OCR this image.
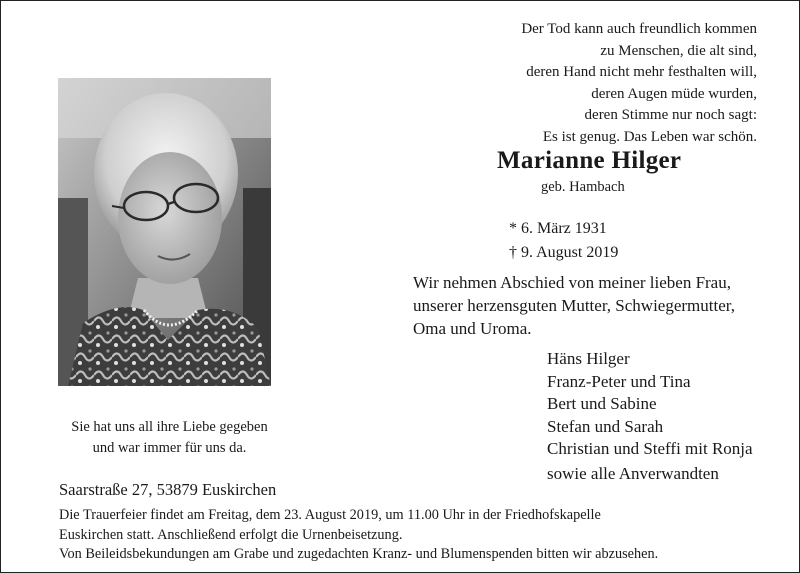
Der Tod kann auch freundlich kommen
zu Menschen, die alt sind,
deren Hand nicht mehr festhalten will,
deren Augen müde wurden,
deren Stimme nur noch sagt:
Es ist genug. Das Leben war schön.
Marianne Hilger
geb. Hambach
* 6. März 1931
† 9. August 2019
Wir nehmen Abschied von meiner lieben Frau,
unserer herzensguten Mutter, Schwiegermutter,
Oma und Uroma.
Häns Hilger
Franz-Peter und Tina
Bert und Sabine
Stefan und Sarah
Christian und Steffi mit Ronja
sowie alle Anverwandten
Sie hat uns all ihre Liebe gegeben
und war immer für uns da.
Saarstraße 27, 53879 Euskirchen
Die Trauerfeier findet am Freitag, dem 23. August 2019, um 11.00 Uhr in der Friedhofskapelle
Euskirchen statt. Anschließend erfolgt die Urnenbeisetzung.
Von Beileidsbekundungen am Grabe und zugedachten Kranz- und Blumenspenden bitten wir abzusehen.
